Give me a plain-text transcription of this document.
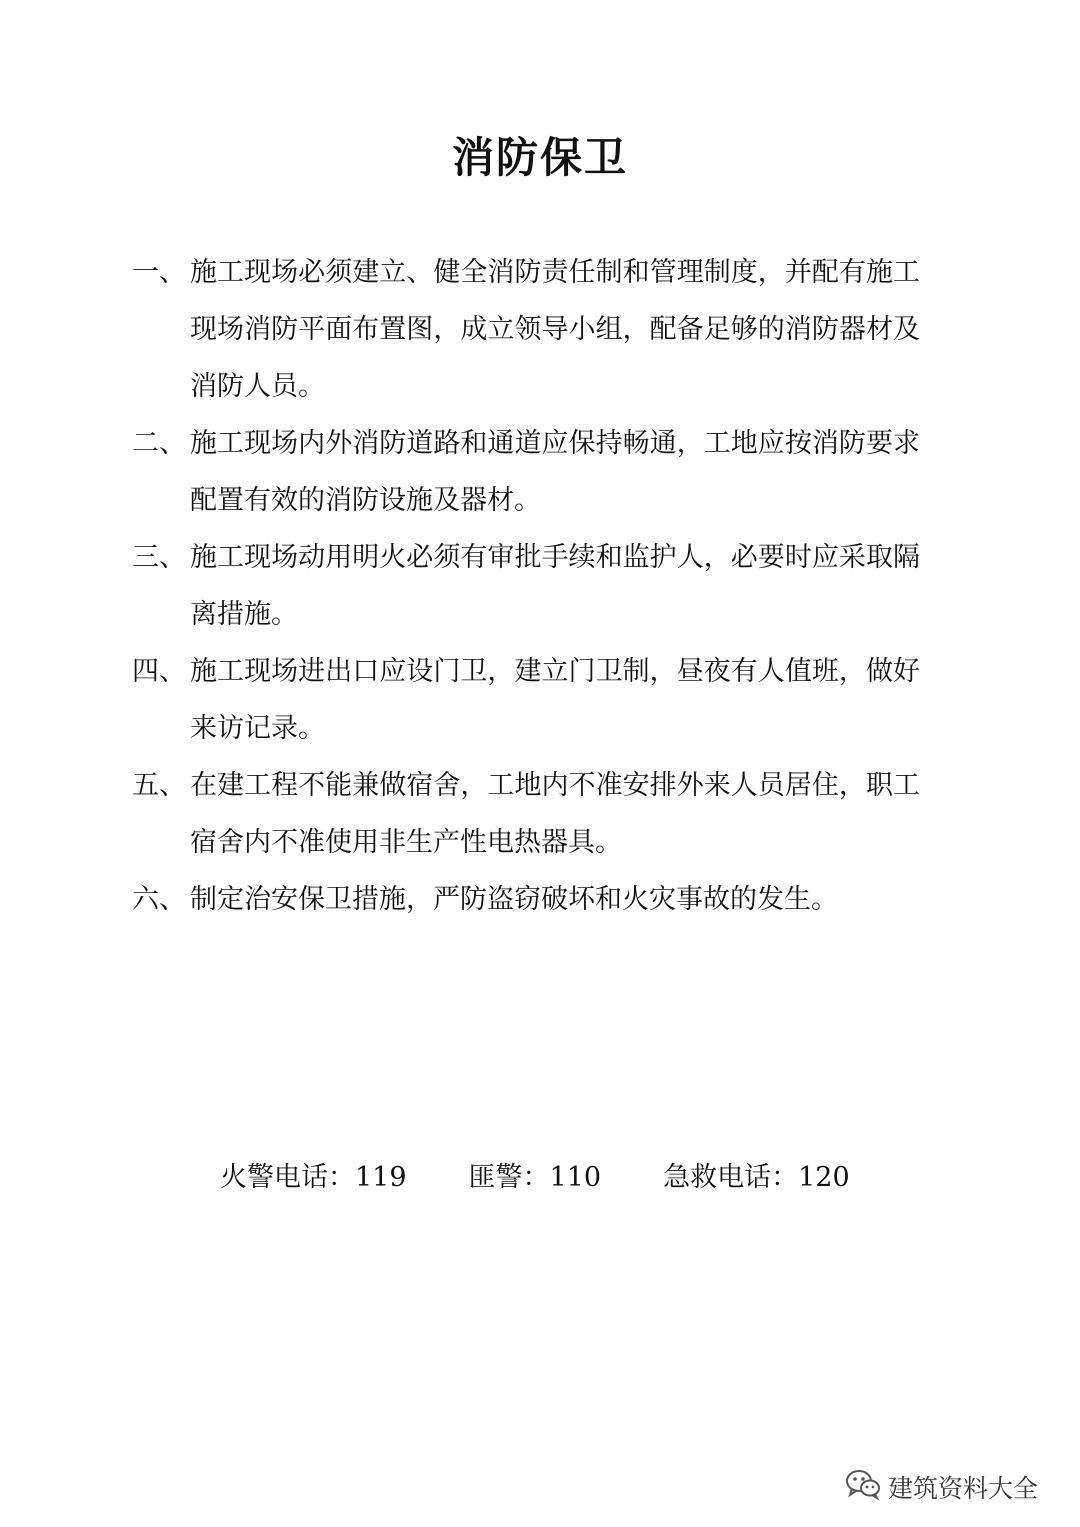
消防保卫
一、 施工现场必须建立、健全消防责任制和管理制度，并配有施工现场消防平面布置图，成立领导小组，配备足够的消防器材及消防人员。
二、 施工现场内外消防道路和通道应保持畅通，工地应按消防要求配置有效的消防设施及器材。
三、 施工现场动用明火必须有审批手续和监护人，必要时应采取隔离措施。
四、 施工现场进出口应设门卫，建立门卫制，昼夜有人值班，做好来访记录。
五、 在建工程不能兼做宿舍，工地内不准安排外来人员居住，职工宿舍内不准使用非生产性电热器具。
六、 制定治安保卫措施，严防盗窃破坏和火灾事故的发生。
火警电话：119 匪警：110 急救电话：120
建筑资料大全
